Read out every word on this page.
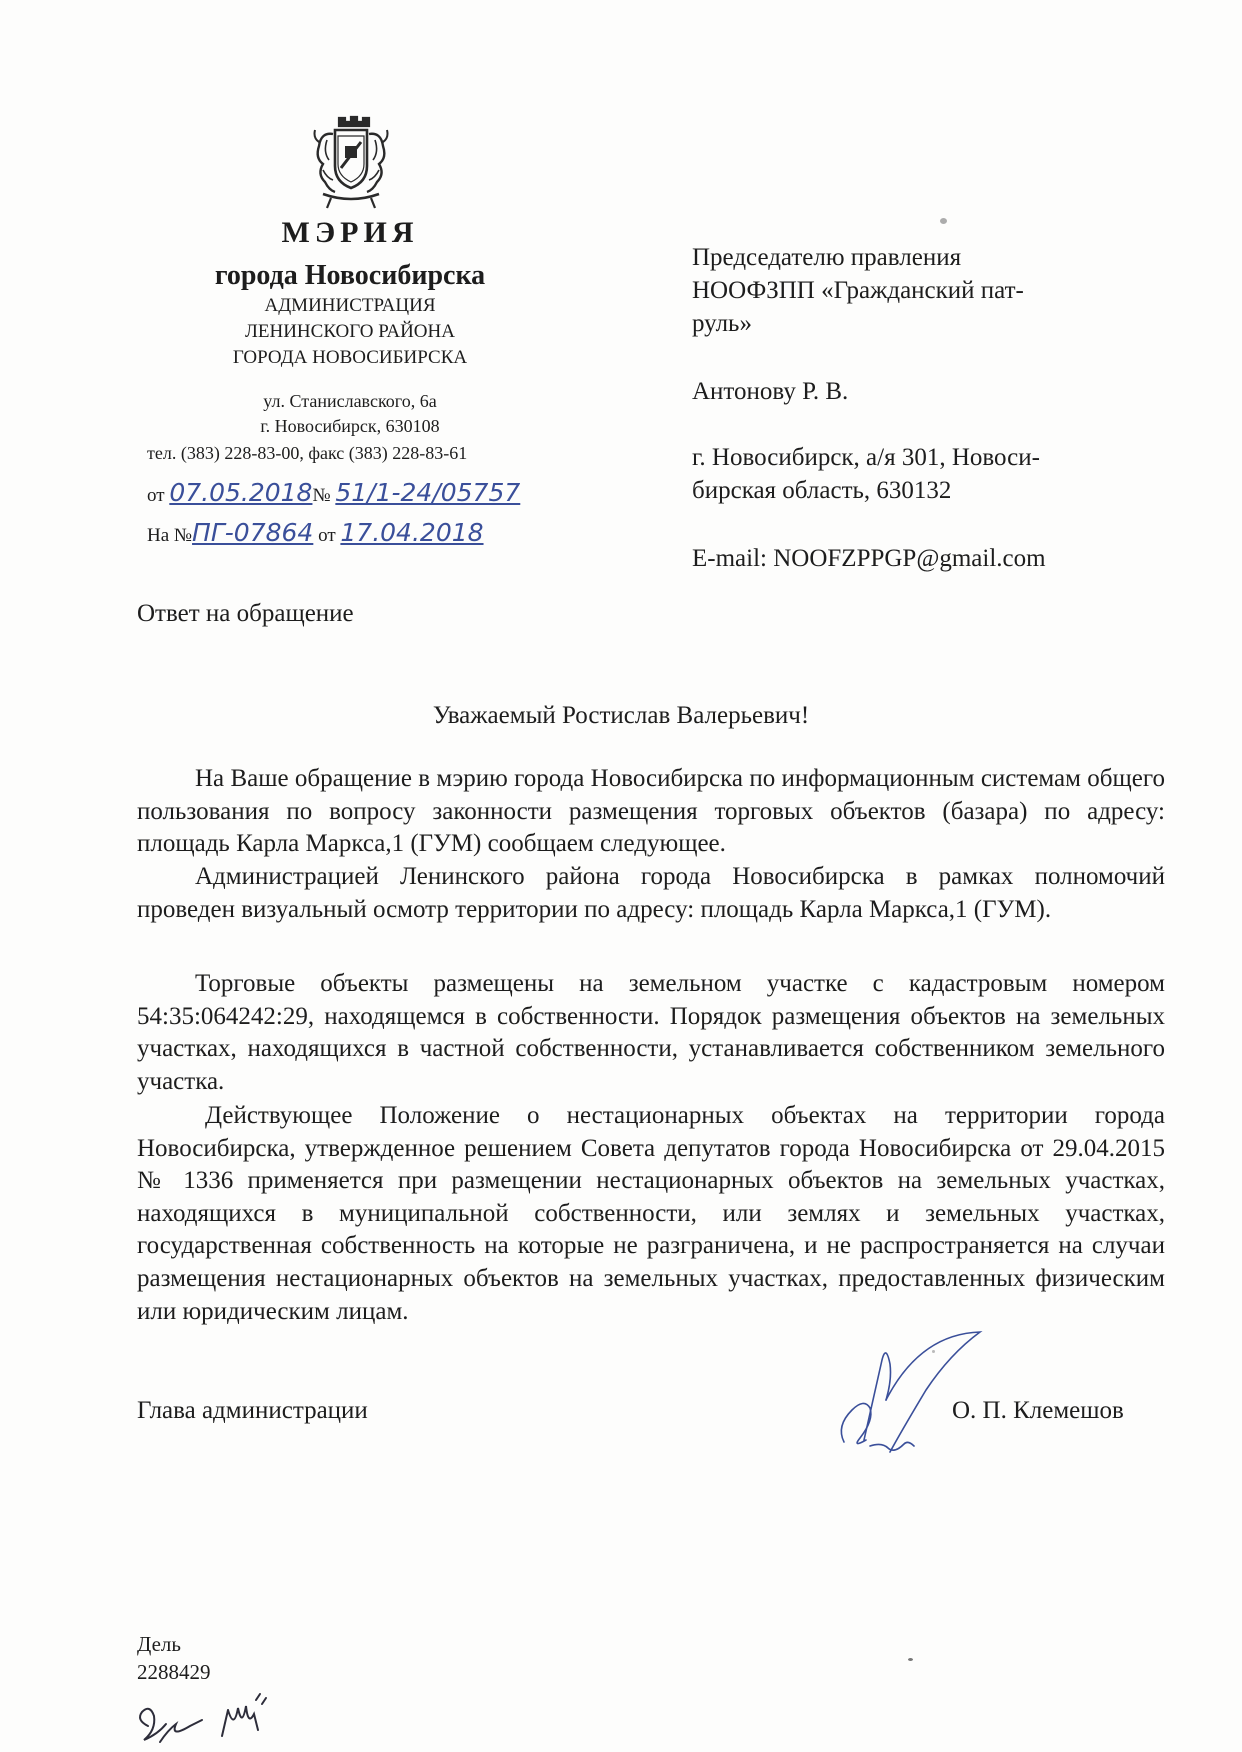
МЭРИЯ
города Новосибирска
АДМИНИСТРАЦИЯ
ЛЕНИНСКОГО РАЙОНА
ГОРОДА НОВОСИБИРСКА
ул. Станиславского, 6а
г. Новосибирск, 630108
тел. (383) 228-83-00, факс (383) 228-83-61
от 07.05.2018№ 51/1-24/05757
На №ПГ-07864 от 17.04.2018
Председателю правления
НООФЗПП «Гражданский пат-
руль»
Антонову Р. В.
г. Новосибирск, а/я 301, Новоси-
бирская область, 630132
E-mail: NOOFZPPGP@gmail.com
Ответ на обращение
Уважаемый Ростислав Валерьевич!
На Ваше обращение в мэрию города Новосибирска по информационным системам общего пользования по вопросу законности размещения торговых объектов (базара) по адресу: площадь Карла Маркса,1 (ГУМ) сообщаем следующее.
Администрацией Ленинского района города Новосибирска в рамках полномочий проведен визуальный осмотр территории по адресу: площадь Карла Маркса,1 (ГУМ).
Торговые объекты размещены на земельном участке с кадастровым номером 54:35:064242:29, находящемся в собственности. Порядок размещения объектов на земельных участках, находящихся в частной собственности, устанавливается собственником земельного участка.
Действующее Положение о нестационарных объектах на территории города Новосибирска, утвержденное решением Совета депутатов города Новосибирска от 29.04.2015 № 1336 применяется при размещении нестационарных объектов на земельных участках, находящихся в муниципальной собственности, или землях и земельных участках, государственная собственность на которые не разграничена, и не распространяется на случаи размещения нестационарных объектов на земельных участках, предоставленных физическим или юридическим лицам.
Глава администрации	О. П. Клемешов
Дель
2288429
